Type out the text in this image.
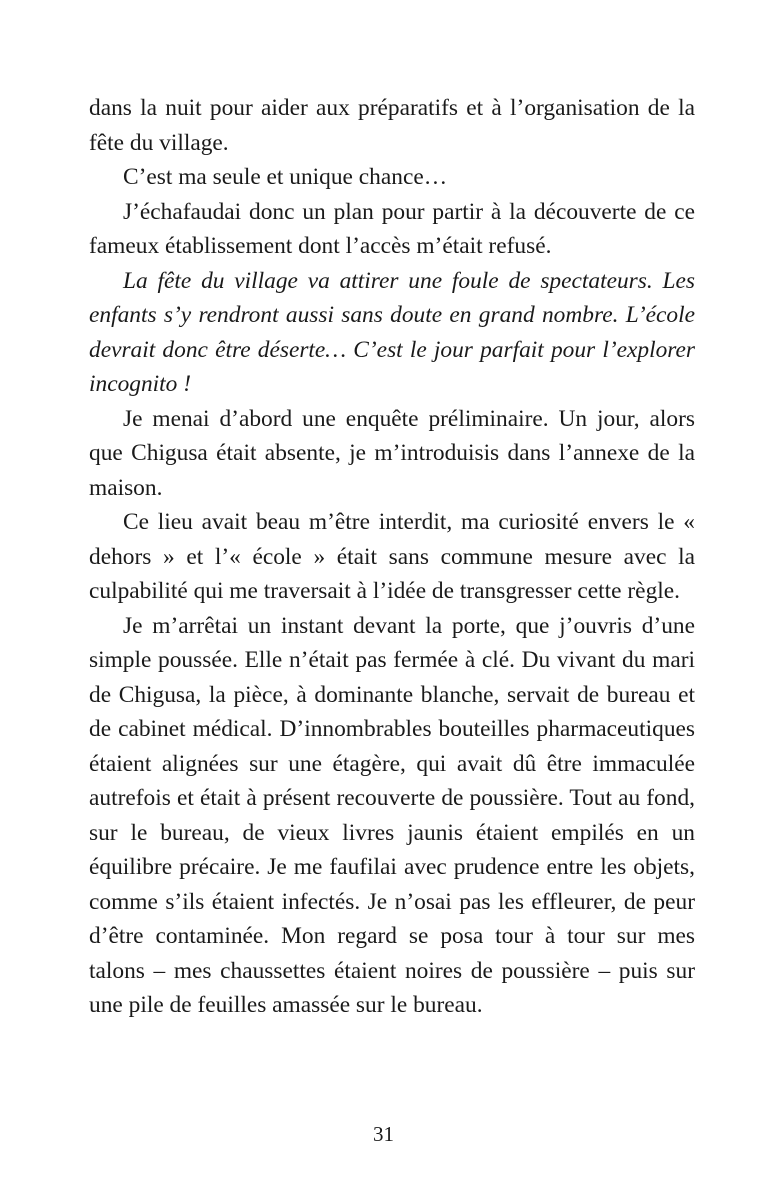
dans la nuit pour aider aux préparatifs et à l’organisation de la fête du village.

C’est ma seule et unique chance…

J’échafaudai donc un plan pour partir à la découverte de ce fameux établissement dont l’accès m’était refusé.

La fête du village va attirer une foule de spectateurs. Les enfants s’y rendront aussi sans doute en grand nombre. L’école devrait donc être déserte… C’est le jour parfait pour l’explorer incognito !

Je menai d’abord une enquête préliminaire. Un jour, alors que Chigusa était absente, je m’introduisis dans l’annexe de la maison.

Ce lieu avait beau m’être interdit, ma curiosité envers le « dehors » et l’« école » était sans commune mesure avec la culpabilité qui me traversait à l’idée de transgresser cette règle.

Je m’arrêtai un instant devant la porte, que j’ouvris d’une simple poussée. Elle n’était pas fermée à clé. Du vivant du mari de Chigusa, la pièce, à dominante blanche, servait de bureau et de cabinet médical. D’innombrables bouteilles pharmaceutiques étaient alignées sur une étagère, qui avait dû être immaculée autrefois et était à présent recouverte de poussière. Tout au fond, sur le bureau, de vieux livres jaunis étaient empilés en un équilibre précaire. Je me faufilai avec prudence entre les objets, comme s’ils étaient infectés. Je n’osai pas les effleurer, de peur d’être contaminée. Mon regard se posa tour à tour sur mes talons – mes chaussettes étaient noires de poussière – puis sur une pile de feuilles amassée sur le bureau.

31
